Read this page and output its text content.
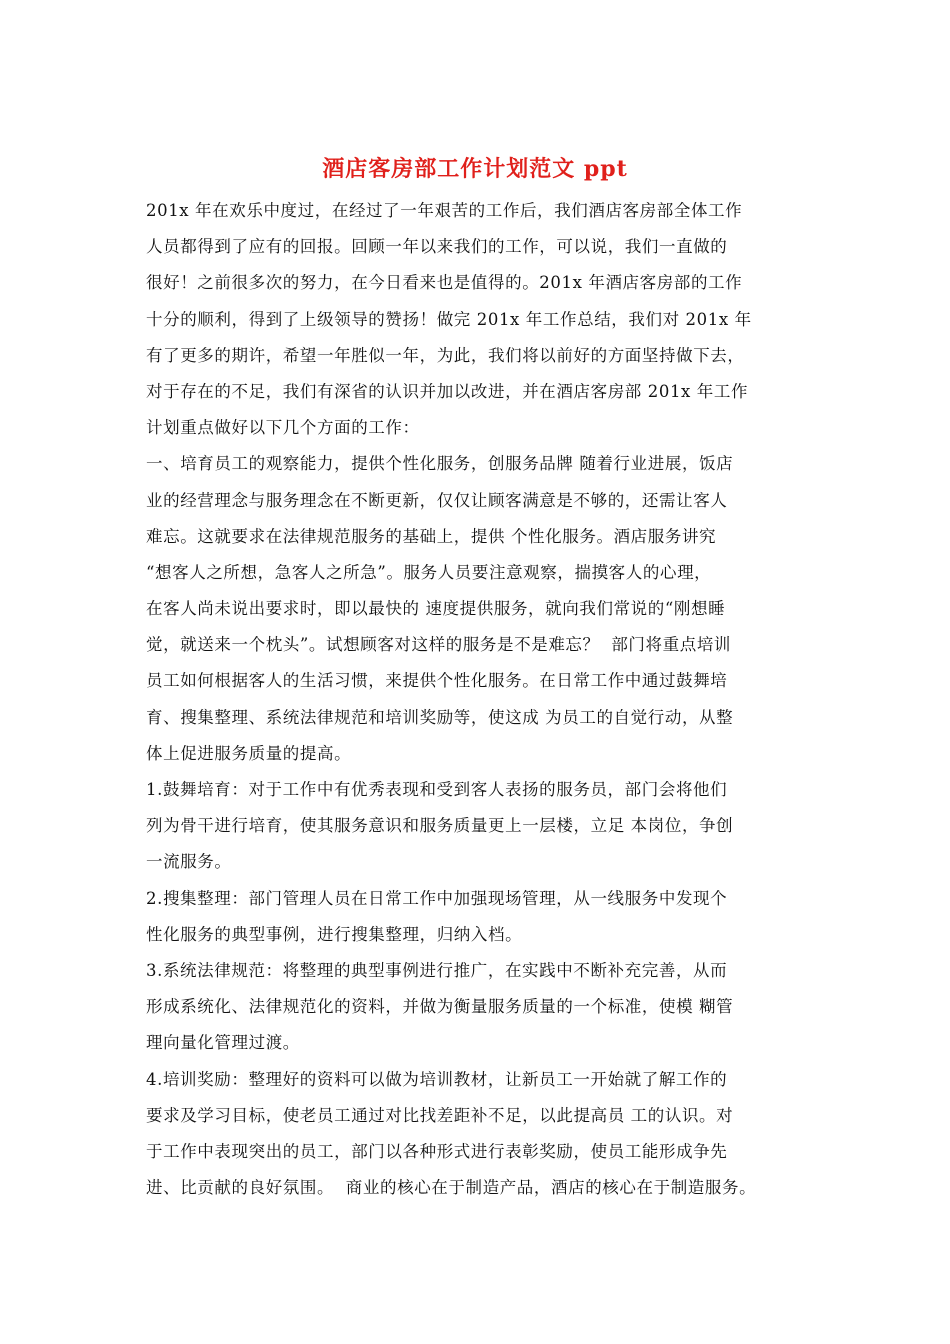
酒店客房部工作计划范文 ppt
201x 年在欢乐中度过，在经过了一年艰苦的工作后，我们酒店客房部全体工作
人员都得到了应有的回报。回顾一年以来我们的工作，可以说，我们一直做的
很好！之前很多次的努力，在今日看来也是值得的。201x 年酒店客房部的工作
十分的顺利，得到了上级领导的赞扬！做完 201x 年工作总结，我们对 201x 年
有了更多的期许，希望一年胜似一年，为此，我们将以前好的方面坚持做下去，
对于存在的不足，我们有深省的认识并加以改进，并在酒店客房部 201x 年工作
计划重点做好以下几个方面的工作：
一、培育员工的观察能力，提供个性化服务，创服务品牌 随着行业进展，饭店
业的经营理念与服务理念在不断更新，仅仅让顾客满意是不够的，还需让客人
难忘。这就要求在法律规范服务的基础上，提供 个性化服务。酒店服务讲究
“想客人之所想，急客人之所急”。服务人员要注意观察，揣摸客人的心理，
在客人尚未说出要求时，即以最快的 速度提供服务，就向我们常说的“刚想睡
觉，就送来一个枕头”。试想顾客对这样的服务是不是难忘？  部门将重点培训
员工如何根据客人的生活习惯，来提供个性化服务。在日常工作中通过鼓舞培
育、搜集整理、系统法律规范和培训奖励等，使这成 为员工的自觉行动，从整
体上促进服务质量的提高。
1.鼓舞培育：对于工作中有优秀表现和受到客人表扬的服务员，部门会将他们
列为骨干进行培育，使其服务意识和服务质量更上一层楼，立足 本岗位，争创
一流服务。
2.搜集整理：部门管理人员在日常工作中加强现场管理，从一线服务中发现个
性化服务的典型事例，进行搜集整理，归纳入档。
3.系统法律规范：将整理的典型事例进行推广，在实践中不断补充完善，从而
形成系统化、法律规范化的资料，并做为衡量服务质量的一个标准，使模 糊管
理向量化管理过渡。
4.培训奖励：整理好的资料可以做为培训教材，让新员工一开始就了解工作的
要求及学习目标，使老员工通过对比找差距补不足，以此提高员 工的认识。对
于工作中表现突出的员工，部门以各种形式进行表彰奖励，使员工能形成争先
进、比贡献的良好氛围。  商业的核心在于制造产品，酒店的核心在于制造服务。
